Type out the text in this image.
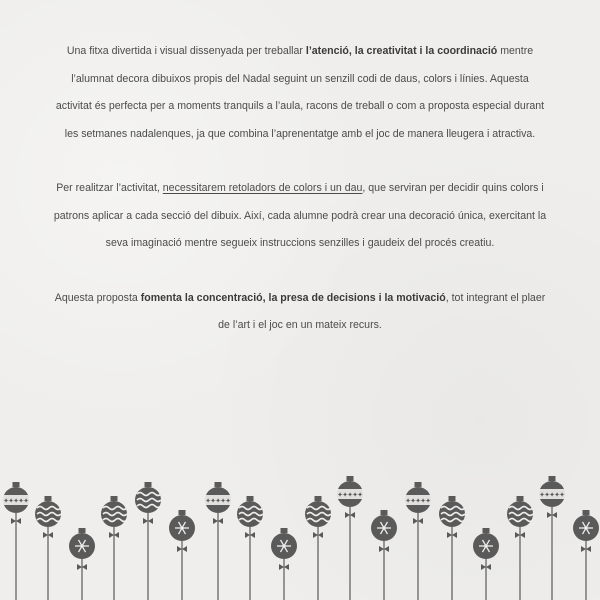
Una fitxa divertida i visual dissenyada per treballar l’atenció, la creativitat i la coordinació mentre l’alumnat decora dibuixos propis del Nadal seguint un senzill codi de daus, colors i línies. Aquesta activitat és perfecta per a moments tranquils a l’aula, racons de treball o com a proposta especial durant les setmanes nadalenques, ja que combina l’aprenentatge amb el joc de manera lleugera i atractiva.

Per realitzar l’activitat, necessitarem retoladors de colors i un dau, que serviran per decidir quins colors i patrons aplicar a cada secció del dibuix. Així, cada alumne podrà crear una decoració única, exercitant la seva imaginació mentre segueix instruccions senzilles i gaudeix del procés creatiu.

Aquesta proposta fomenta la concentració, la presa de decisions i la motivació, tot integrant el plaer de l’art i el joc en un mateix recurs.

✦ ✦ ✦ ✦ ✦	✦ ✦ ✦ ✦ ✦
✦ ✦ ✦ ✦ ✦
✦ ✦ ✦ ✦ ✦
✦ ✦ ✦ ✦ ✦
